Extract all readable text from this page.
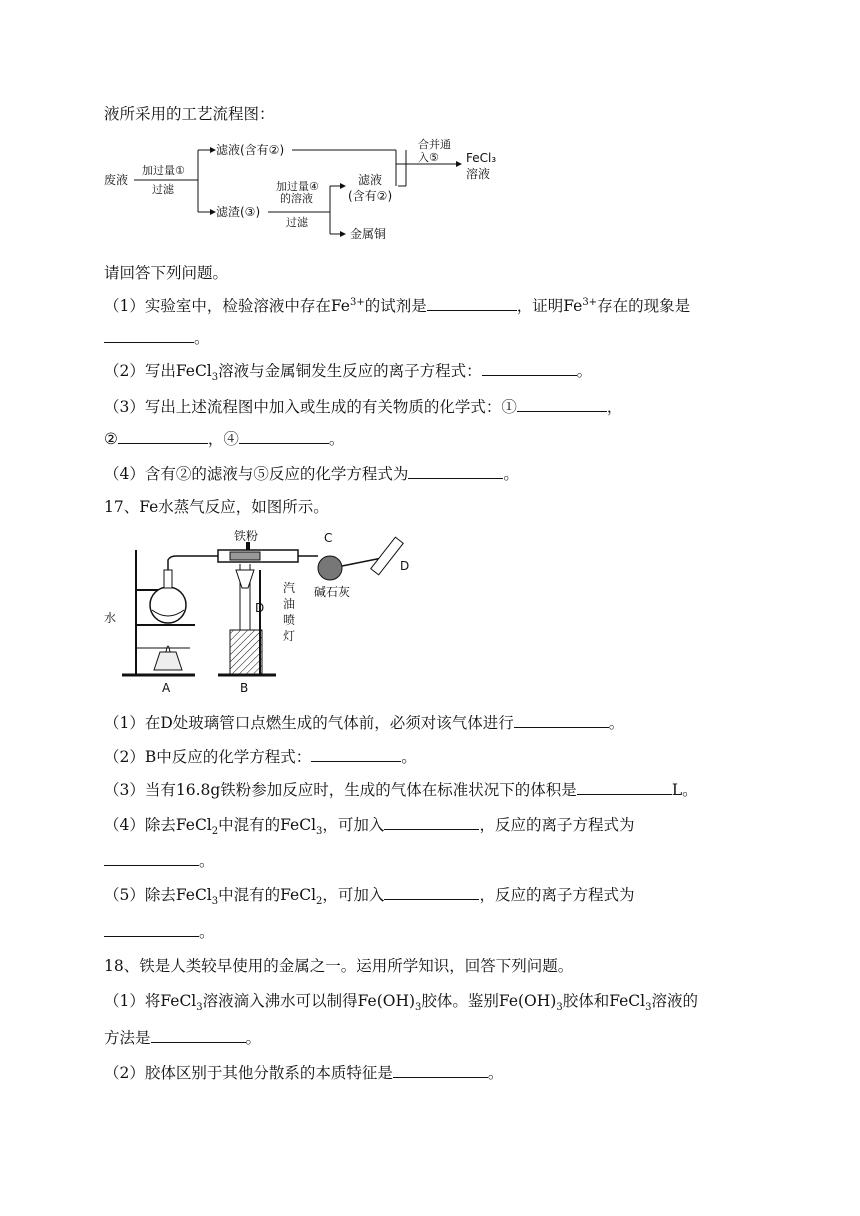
液所采用的工艺流程图：
废液
加过量①
过滤
滤液(含有②)
滤渣(③)
加过量④
的溶液
过滤
滤液
(含有②)
金属铜
合并通
入⑤ FeCl₃
溶液
请回答下列问题。
（1）实验室中，检验溶液中存在$Fe^{3+}$的试剂是	，证明$Fe^{3+}$存在的现象是
。
（2）写出FeCl$_3$溶液与金属铜发生反应的离子方程式：	。
（3）写出上述流程图中加入或生成的有关物质的化学式：①	，
②	，④	。
（4）含有②的滤液与⑤反应的化学方程式为	。
17、Fe水蒸气反应，如图所示。
铁粉	C
D
水
D
汽
油
喷
灯
碱石灰
A	B
（1）在D处玻璃管口点燃生成的气体前，必须对该气体进行	。
（2）B中反应的化学方程式：	。
（3）当有16.8g铁粉参加反应时，生成的气体在标准状况下的体积是	L。
（4）除去FeCl$_2$中混有的FeCl$_3$，可加入	，反应的离子方程式为
。
（5）除去FeCl$_3$中混有的FeCl$_2$，可加入	，反应的离子方程式为
。
18、铁是人类较早使用的金属之一。运用所学知识，回答下列问题。
（1）将FeCl$_3$溶液滴入沸水可以制得$Fe(OH)_3$胶体。鉴别$Fe(OH)_3$胶体和FeCl$_3$溶液的
方法是	。
（2）胶体区别于其他分散系的本质特征是	。
